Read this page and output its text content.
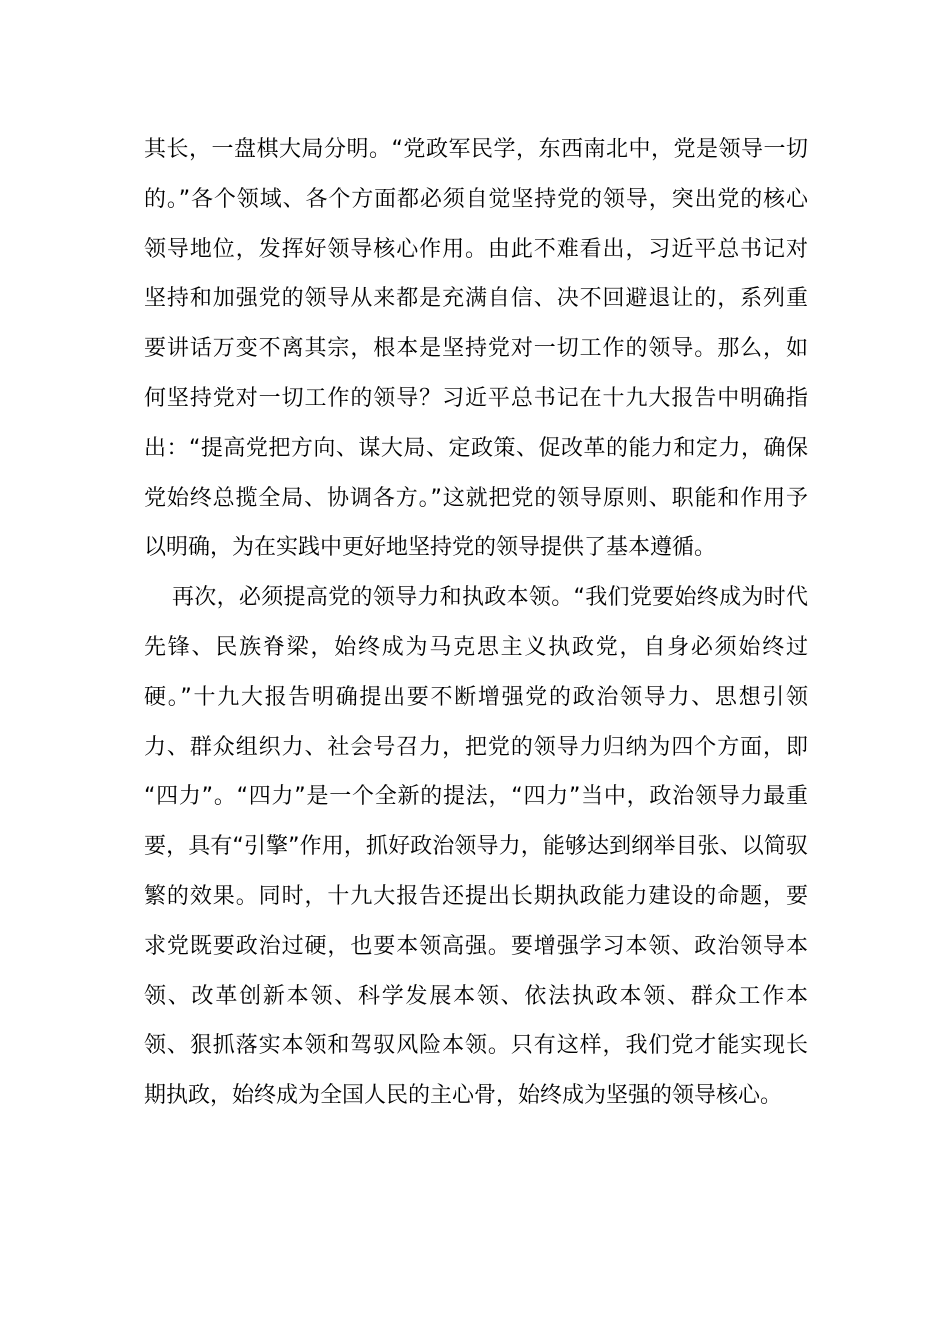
其长，一盘棋大局分明。“党政军民学，东西南北中，党是领导一切
的。”各个领域、各个方面都必须自觉坚持党的领导，突出党的核心
领导地位，发挥好领导核心作用。由此不难看出，习近平总书记对
坚持和加强党的领导从来都是充满自信、决不回避退让的，系列重
要讲话万变不离其宗，根本是坚持党对一切工作的领导。那么，如
何坚持党对一切工作的领导？习近平总书记在十九大报告中明确指
出：“提高党把方向、谋大局、定政策、促改革的能力和定力，确保
党始终总揽全局、协调各方。”这就把党的领导原则、职能和作用予
以明确，为在实践中更好地坚持党的领导提供了基本遵循。
再次，必须提高党的领导力和执政本领。“我们党要始终成为时代
先锋、民族脊梁，始终成为马克思主义执政党，自身必须始终过
硬。”十九大报告明确提出要不断增强党的政治领导力、思想引领
力、群众组织力、社会号召力，把党的领导力归纳为四个方面，即
“四力”。“四力”是一个全新的提法，“四力”当中，政治领导力最重
要，具有“引擎”作用，抓好政治领导力，能够达到纲举目张、以简驭
繁的效果。同时，十九大报告还提出长期执政能力建设的命题，要
求党既要政治过硬，也要本领高强。要增强学习本领、政治领导本
领、改革创新本领、科学发展本领、依法执政本领、群众工作本
领、狠抓落实本领和驾驭风险本领。只有这样，我们党才能实现长
期执政，始终成为全国人民的主心骨，始终成为坚强的领导核心。
